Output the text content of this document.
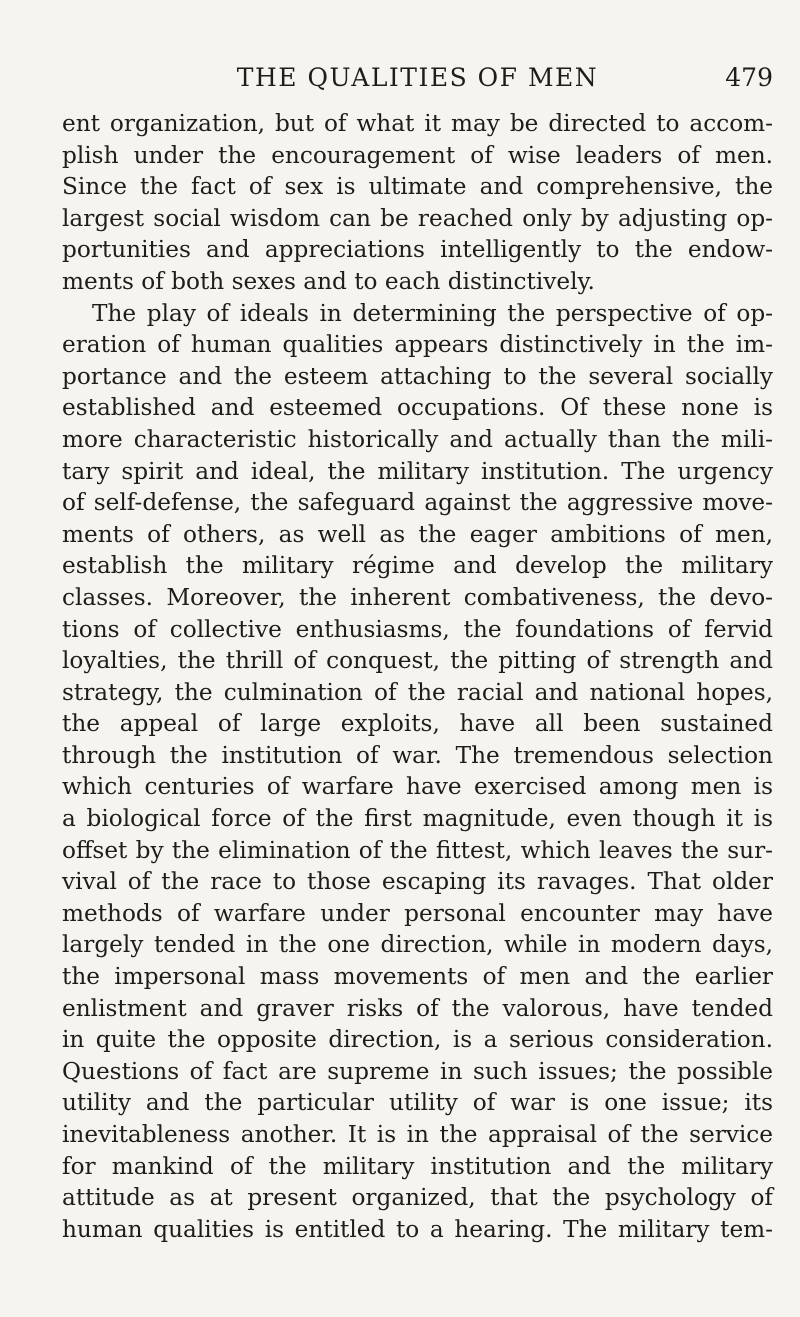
THE QUALITIES OF MEN	479
ent organization, but of what it may be directed to accom-
plish under the encouragement of wise leaders of men.
Since the fact of sex is ultimate and comprehensive, the
largest social wisdom can be reached only by adjusting op-
portunities and appreciations intelligently to the endow-
ments of both sexes and to each distinctively.
The play of ideals in determining the perspective of op-
eration of human qualities appears distinctively in the im-
portance and the esteem attaching to the several socially
established and esteemed occupations. Of these none is
more characteristic historically and actually than the mili-
tary spirit and ideal, the military institution. The urgency
of self-defense, the safeguard against the aggressive move-
ments of others, as well as the eager ambitions of men,
establish the military régime and develop the military
classes. Moreover, the inherent combativeness, the devo-
tions of collective enthusiasms, the foundations of fervid
loyalties, the thrill of conquest, the pitting of strength and
strategy, the culmination of the racial and national hopes,
the appeal of large exploits, have all been sustained
through the institution of war. The tremendous selection
which centuries of warfare have exercised among men is
a biological force of the first magnitude, even though it is
offset by the elimination of the fittest, which leaves the sur-
vival of the race to those escaping its ravages. That older
methods of warfare under personal encounter may have
largely tended in the one direction, while in modern days,
the impersonal mass movements of men and the earlier
enlistment and graver risks of the valorous, have tended
in quite the opposite direction, is a serious consideration.
Questions of fact are supreme in such issues; the possible
utility and the particular utility of war is one issue; its
inevitableness another. It is in the appraisal of the service
for mankind of the military institution and the military
attitude as at present organized, that the psychology of
human qualities is entitled to a hearing. The military tem-
